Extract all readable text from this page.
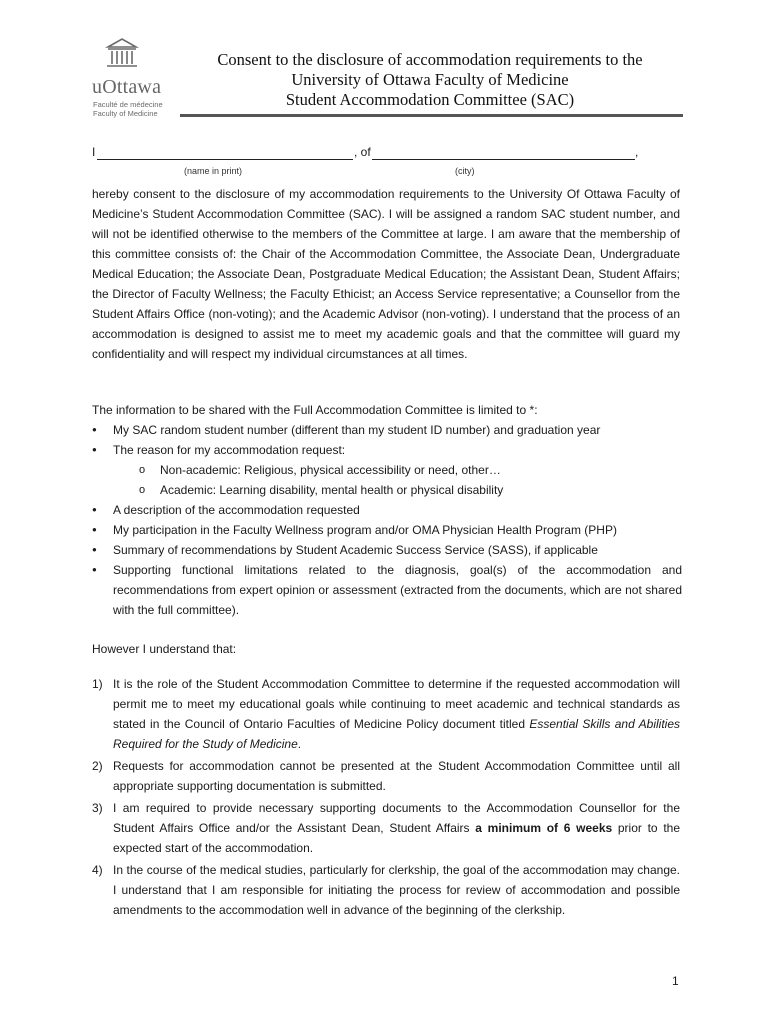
uOttawa
Faculté de médecine
Faculty of Medicine
Consent to the disclosure of accommodation requirements to the
University of Ottawa Faculty of Medicine
Student Accommodation Committee (SAC)
I	, of	,
(name in print)	(city)
hereby consent to the disclosure of my accommodation requirements to the University Of Ottawa Faculty of Medicine’s Student Accommodation Committee (SAC). I will be assigned a random SAC student number, and will not be identified otherwise to the members of the Committee at large. I am aware that the membership of this committee consists of: the Chair of the Accommodation Committee, the Associate Dean, Undergraduate Medical Education; the Associate Dean, Postgraduate Medical Education; the Assistant Dean, Student Affairs; the Director of Faculty Wellness; the Faculty Ethicist; an Access Service representative; a Counsellor from the Student Affairs Office (non-voting); and the Academic Advisor (non-voting). I understand that the process of an accommodation is designed to assist me to meet my academic goals and that the committee will guard my confidentiality and will respect my individual circumstances at all times.
The information to be shared with the Full Accommodation Committee is limited to *:
● My SAC random student number (different than my student ID number) and graduation year
● The reason for my accommodation request:
o Non-academic: Religious, physical accessibility or need, other…
o Academic: Learning disability, mental health or physical disability
● A description of the accommodation requested
● My participation in the Faculty Wellness program and/or OMA Physician Health Program (PHP)
● Summary of recommendations by Student Academic Success Service (SASS), if applicable
● Supporting functional limitations related to the diagnosis, goal(s) of the accommodation and recommendations from expert opinion or assessment (extracted from the documents, which are not shared with the full committee).
However I understand that:
1) It is the role of the Student Accommodation Committee to determine if the requested accommodation will permit me to meet my educational goals while continuing to meet academic and technical standards as stated in the Council of Ontario Faculties of Medicine Policy document titled Essential Skills and Abilities Required for the Study of Medicine.
2) Requests for accommodation cannot be presented at the Student Accommodation Committee until all appropriate supporting documentation is submitted.
3) I am required to provide necessary supporting documents to the Accommodation Counsellor for the Student Affairs Office and/or the Assistant Dean, Student Affairs a minimum of 6 weeks prior to the expected start of the accommodation.
4) In the course of the medical studies, particularly for clerkship, the goal of the accommodation may change. I understand that I am responsible for initiating the process for review of accommodation and possible amendments to the accommodation well in advance of the beginning of the clerkship.
1
